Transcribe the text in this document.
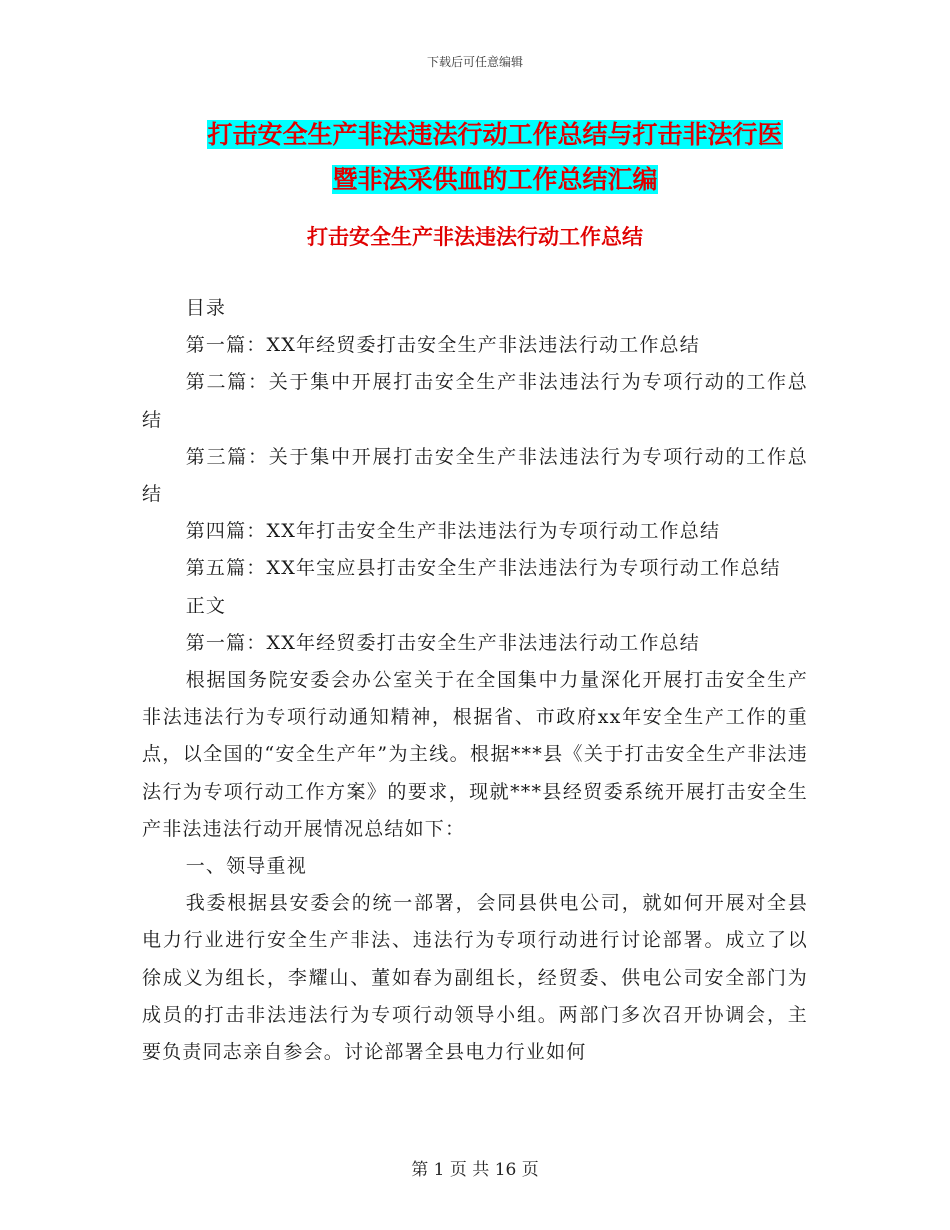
下载后可任意编辑
打击安全生产非法违法行动工作总结与打击非法行医
暨非法采供血的工作总结汇编
打击安全生产非法违法行动工作总结

目录

第一篇：XX年经贸委打击安全生产非法违法行动工作总结

第二篇：关于集中开展打击安全生产非法违法行为专项行动的工作总结

第三篇：关于集中开展打击安全生产非法违法行为专项行动的工作总结

第四篇：XX年打击安全生产非法违法行为专项行动工作总结

第五篇：XX年宝应县打击安全生产非法违法行为专项行动工作总结

正文

第一篇：XX年经贸委打击安全生产非法违法行动工作总结

根据国务院安委会办公室关于在全国集中力量深化开展打击安全生产非法违法行为专项行动通知精神，根据省、市政府xx年安全生产工作的重点，以全国的“安全生产年”为主线。根据***县《关于打击安全生产非法违法行为专项行动工作方案》的要求，现就***县经贸委系统开展打击安全生产非法违法行动开展情况总结如下：

一、领导重视

我委根据县安委会的统一部署，会同县供电公司，就如何开展对全县电力行业进行安全生产非法、违法行为专项行动进行讨论部署。成立了以徐成义为组长，李耀山、董如春为副组长，经贸委、供电公司安全部门为成员的打击非法违法行为专项行动领导小组。两部门多次召开协调会，主要负责同志亲自参会。讨论部署全县电力行业如何

第 1 页 共 16 页
